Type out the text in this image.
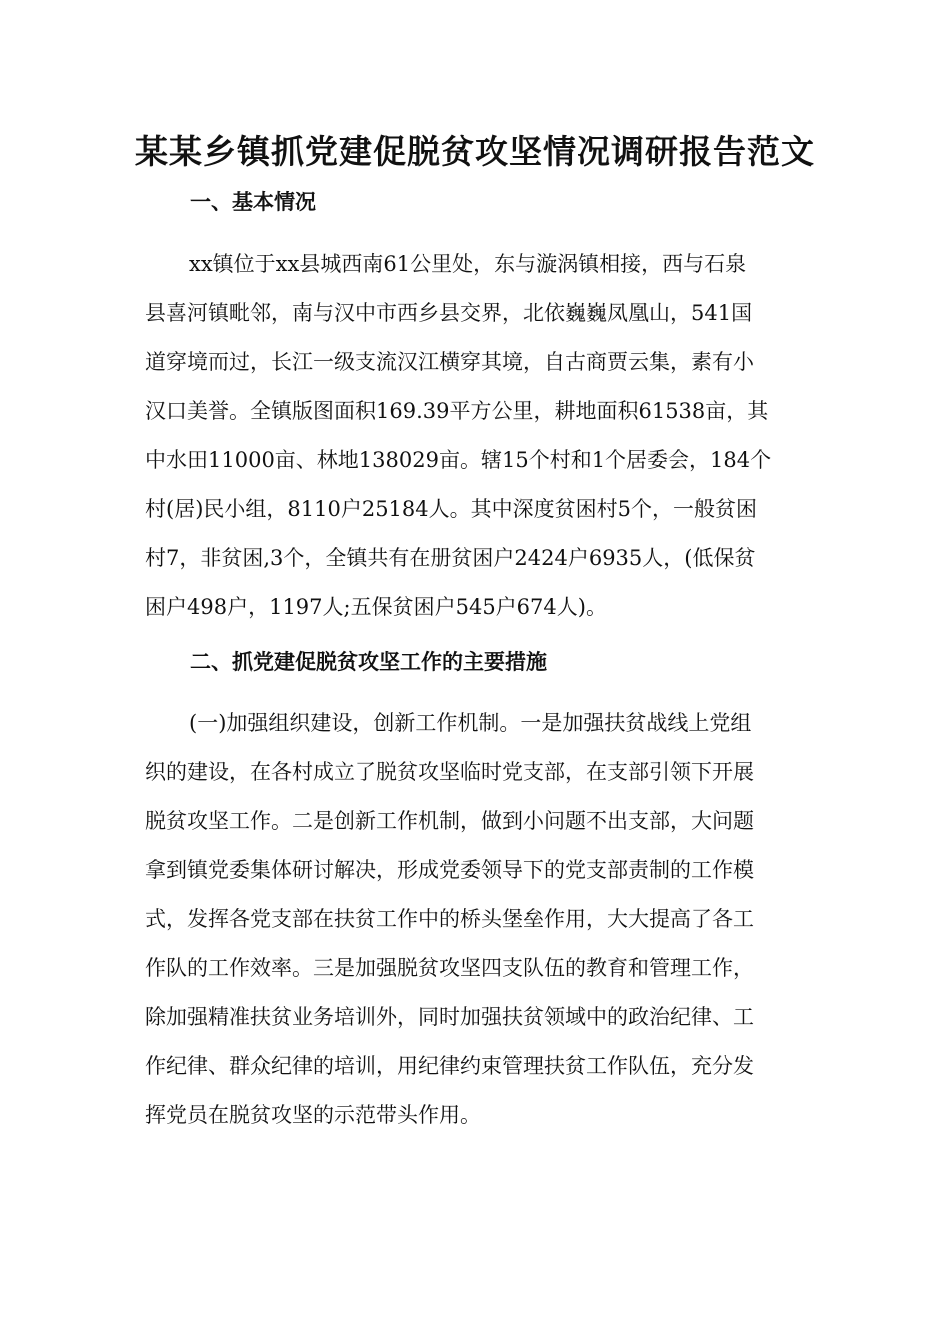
某某乡镇抓党建促脱贫攻坚情况调研报告范文
一、基本情况
xx镇位于xx县城西南61公里处，东与漩涡镇相接，西与石泉
县喜河镇毗邻，南与汉中市西乡县交界，北依巍巍凤凰山，541国
道穿境而过，长江一级支流汉江横穿其境，自古商贾云集，素有小
汉口美誉。全镇版图面积169.39平方公里，耕地面积61538亩，其
中水田11000亩、林地138029亩。辖15个村和1个居委会，184个
村(居)民小组，8110户25184人。其中深度贫困村5个，一般贫困
村7，非贫困,3个，全镇共有在册贫困户2424户6935人，(低保贫
困户498户，1197人;五保贫困户545户674人)。
二、抓党建促脱贫攻坚工作的主要措施
(一)加强组织建设，创新工作机制。一是加强扶贫战线上党组
织的建设，在各村成立了脱贫攻坚临时党支部，在支部引领下开展
脱贫攻坚工作。二是创新工作机制，做到小问题不出支部，大问题
拿到镇党委集体研讨解决，形成党委领导下的党支部责制的工作模
式，发挥各党支部在扶贫工作中的桥头堡垒作用，大大提高了各工
作队的工作效率。三是加强脱贫攻坚四支队伍的教育和管理工作，
除加强精准扶贫业务培训外，同时加强扶贫领域中的政治纪律、工
作纪律、群众纪律的培训，用纪律约束管理扶贫工作队伍，充分发
挥党员在脱贫攻坚的示范带头作用。
